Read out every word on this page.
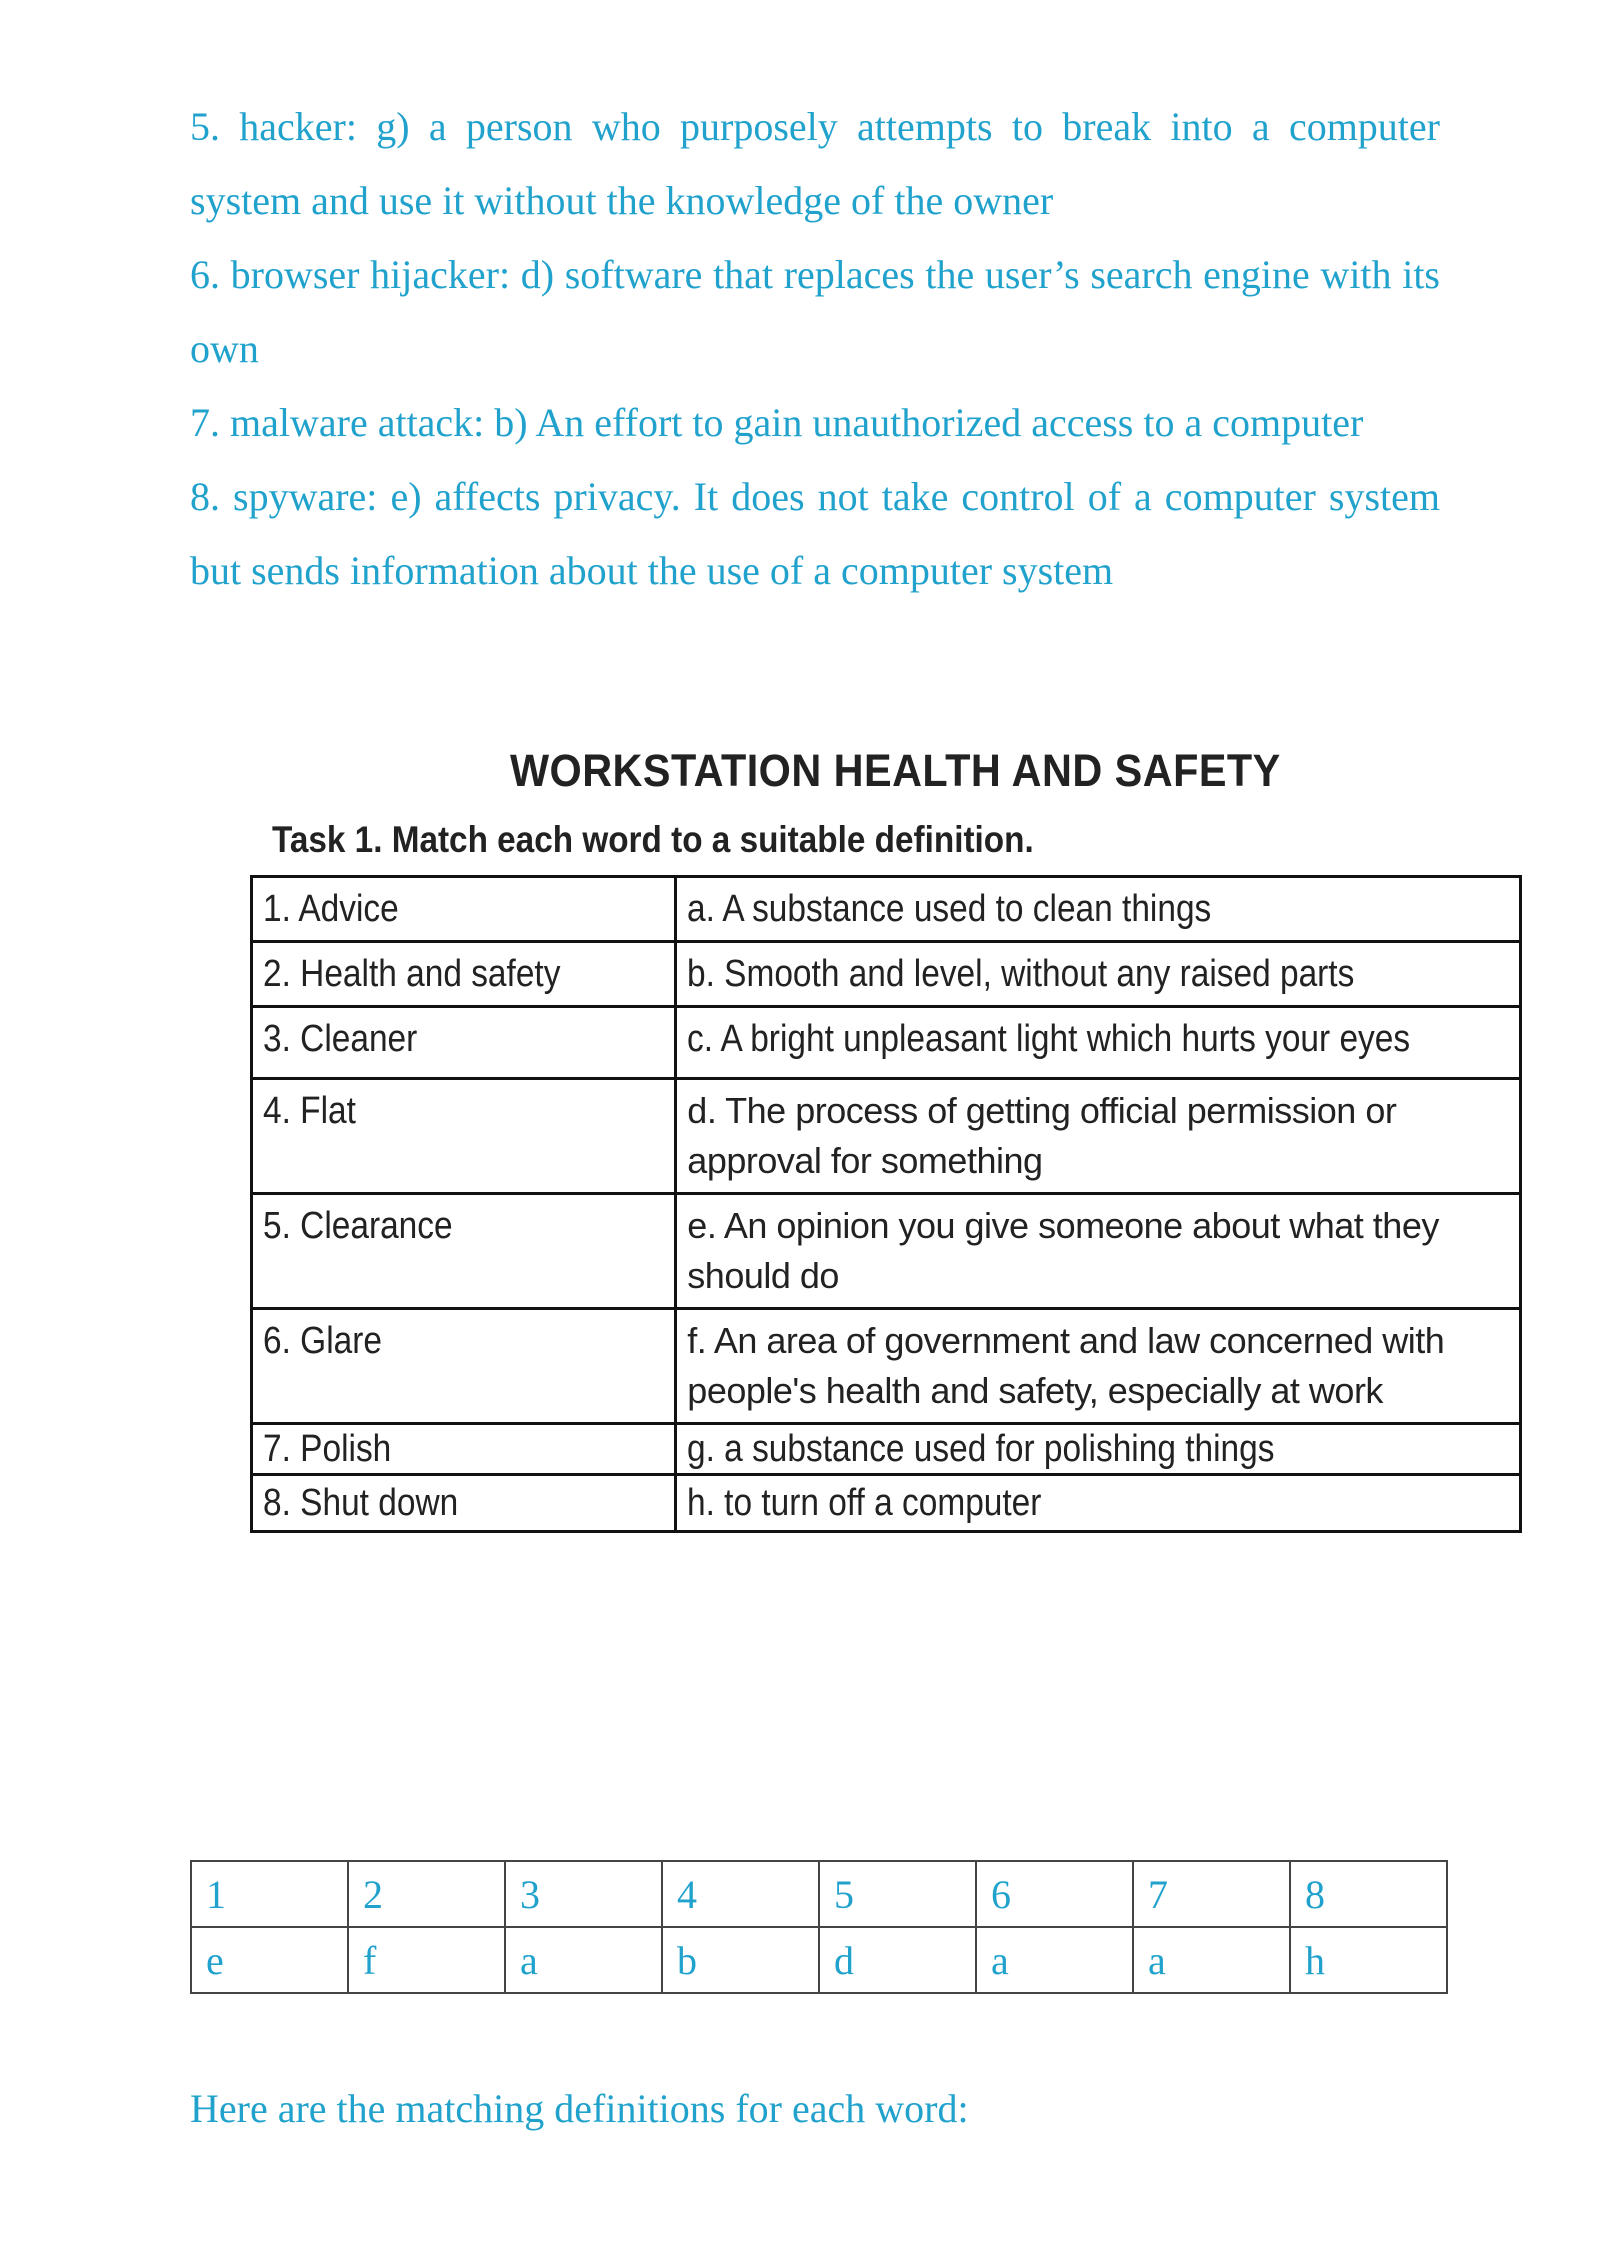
5. hacker: g) a person who purposely attempts to break into a computer system and use it without the knowledge of the owner

6. browser hijacker: d) software that replaces the user’s search engine with its own

7. malware attack: b) An effort to gain unauthorized access to a computer

8. spyware: e) affects privacy. It does not take control of a computer system but sends information about the use of a computer system

WORKSTATION HEALTH AND SAFETY
Task 1. Match each word to a suitable definition.
1. Advice	a. A substance used to clean things
2. Health and safety	b. Smooth and level, without any raised parts
3. Cleaner	c. A bright unpleasant light which hurts your eyes
4. Flat	d. The process of getting official permission or approval for something

5. Clearance	e. An opinion you give someone about what they should do

6. Glare	f. An area of government and law concerned with people's health and safety, especially at work

7. Polish	g. a substance used for polishing things
8. Shut down	h. to turn off a computer
1	2	3	4	5	6	7	8
e	f	a	b	d	a	a	h

Here are the matching definitions for each word:
